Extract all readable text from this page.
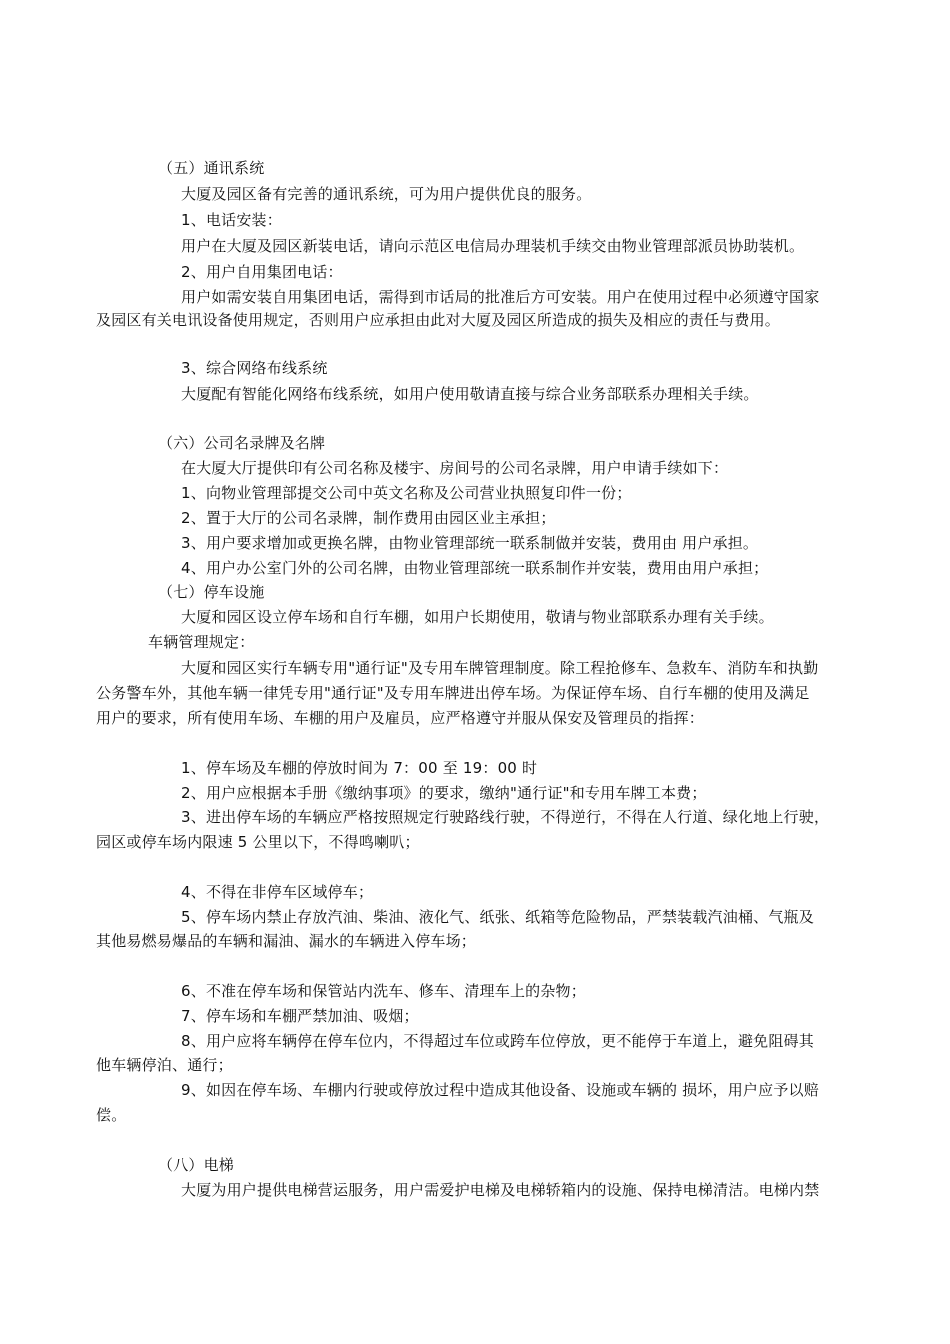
（五）通讯系统
大厦及园区备有完善的通讯系统，可为用户提供优良的服务。
1、电话安装：
用户在大厦及园区新装电话，请向示范区电信局办理装机手续交由物业管理部派员协助装机。
2、用户自用集团电话：
用户如需安装自用集团电话，需得到市话局的批准后方可安装。用户在使用过程中必须遵守国家
及园区有关电讯设备使用规定，否则用户应承担由此对大厦及园区所造成的损失及相应的责任与费用。
3、综合网络布线系统
大厦配有智能化网络布线系统，如用户使用敬请直接与综合业务部联系办理相关手续。
（六）公司名录牌及名牌
在大厦大厅提供印有公司名称及楼宇、房间号的公司名录牌，用户申请手续如下：
1、向物业管理部提交公司中英文名称及公司营业执照复印件一份；
2、置于大厅的公司名录牌，制作费用由园区业主承担；
3、用户要求增加或更换名牌，由物业管理部统一联系制做并安装，费用由 用户承担。
4、用户办公室门外的公司名牌，由物业管理部统一联系制作并安装，费用由用户承担；
（七）停车设施
大厦和园区设立停车场和自行车棚，如用户长期使用，敬请与物业部联系办理有关手续。
车辆管理规定：
大厦和园区实行车辆专用"通行证"及专用车牌管理制度。除工程抢修车、急救车、消防车和执勤
公务警车外，其他车辆一律凭专用"通行证"及专用车牌进出停车场。为保证停车场、自行车棚的使用及满足
用户的要求，所有使用车场、车棚的用户及雇员，应严格遵守并服从保安及管理员的指挥：
1、停车场及车棚的停放时间为 7：00 至 19：00 时
2、用户应根据本手册《缴纳事项》的要求，缴纳"通行证"和专用车牌工本费；
3、进出停车场的车辆应严格按照规定行驶路线行驶，不得逆行，不得在人行道、绿化地上行驶，
园区或停车场内限速 5 公里以下，不得鸣喇叭；
4、不得在非停车区域停车；
5、停车场内禁止存放汽油、柴油、液化气、纸张、纸箱等危险物品，严禁装载汽油桶、气瓶及
其他易燃易爆品的车辆和漏油、漏水的车辆进入停车场；
6、不准在停车场和保管站内洗车、修车、清理车上的杂物；
7、停车场和车棚严禁加油、吸烟；
8、用户应将车辆停在停车位内，不得超过车位或跨车位停放，更不能停于车道上，避免阻碍其
他车辆停泊、通行；
9、如因在停车场、车棚内行驶或停放过程中造成其他设备、设施或车辆的 损坏，用户应予以赔
偿。
（八）电梯
大厦为用户提供电梯营运服务，用户需爱护电梯及电梯轿箱内的设施、保持电梯清洁。电梯内禁
